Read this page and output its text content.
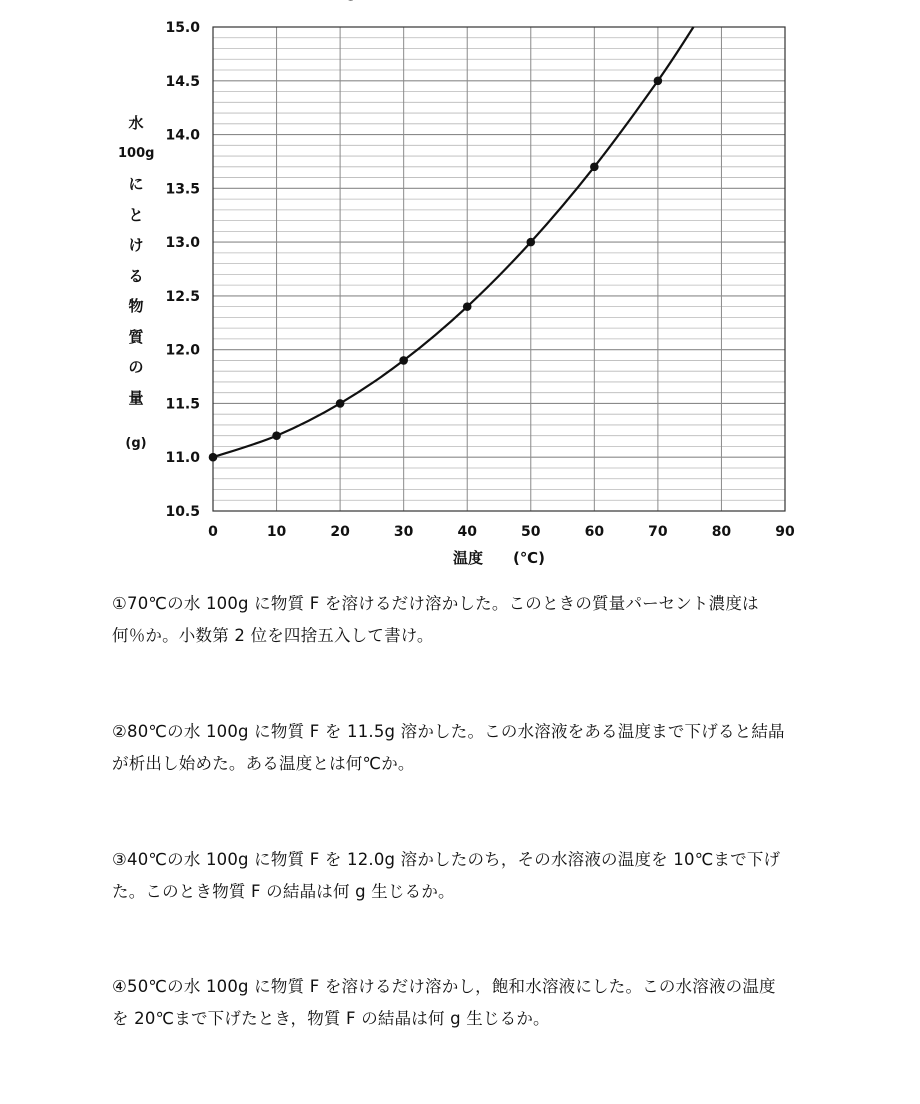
10.5
11.0
11.5
12.0
12.5
13.0
13.5
14.0
14.5
15.0
0	10	20	30	40	50	60	70	80	90
温度　　(℃)
水
100g
に
と
け
る
物
質
の
量
(g)
①70℃の水 100g に物質 F を溶けるだけ溶かした。このときの質量パーセント濃度は
何％か。小数第 2 位を四捨五入して書け。
②80℃の水 100g に物質 F を 11.5g 溶かした。この水溶液をある温度まで下げると結晶
が析出し始めた。ある温度とは何℃か。
③40℃の水 100g に物質 F を 12.0g 溶かしたのち，その水溶液の温度を 10℃まで下げ
た。このとき物質 F の結晶は何 g 生じるか。
④50℃の水 100g に物質 F を溶けるだけ溶かし，飽和水溶液にした。この水溶液の温度
を 20℃まで下げたとき，物質 F の結晶は何 g 生じるか。
